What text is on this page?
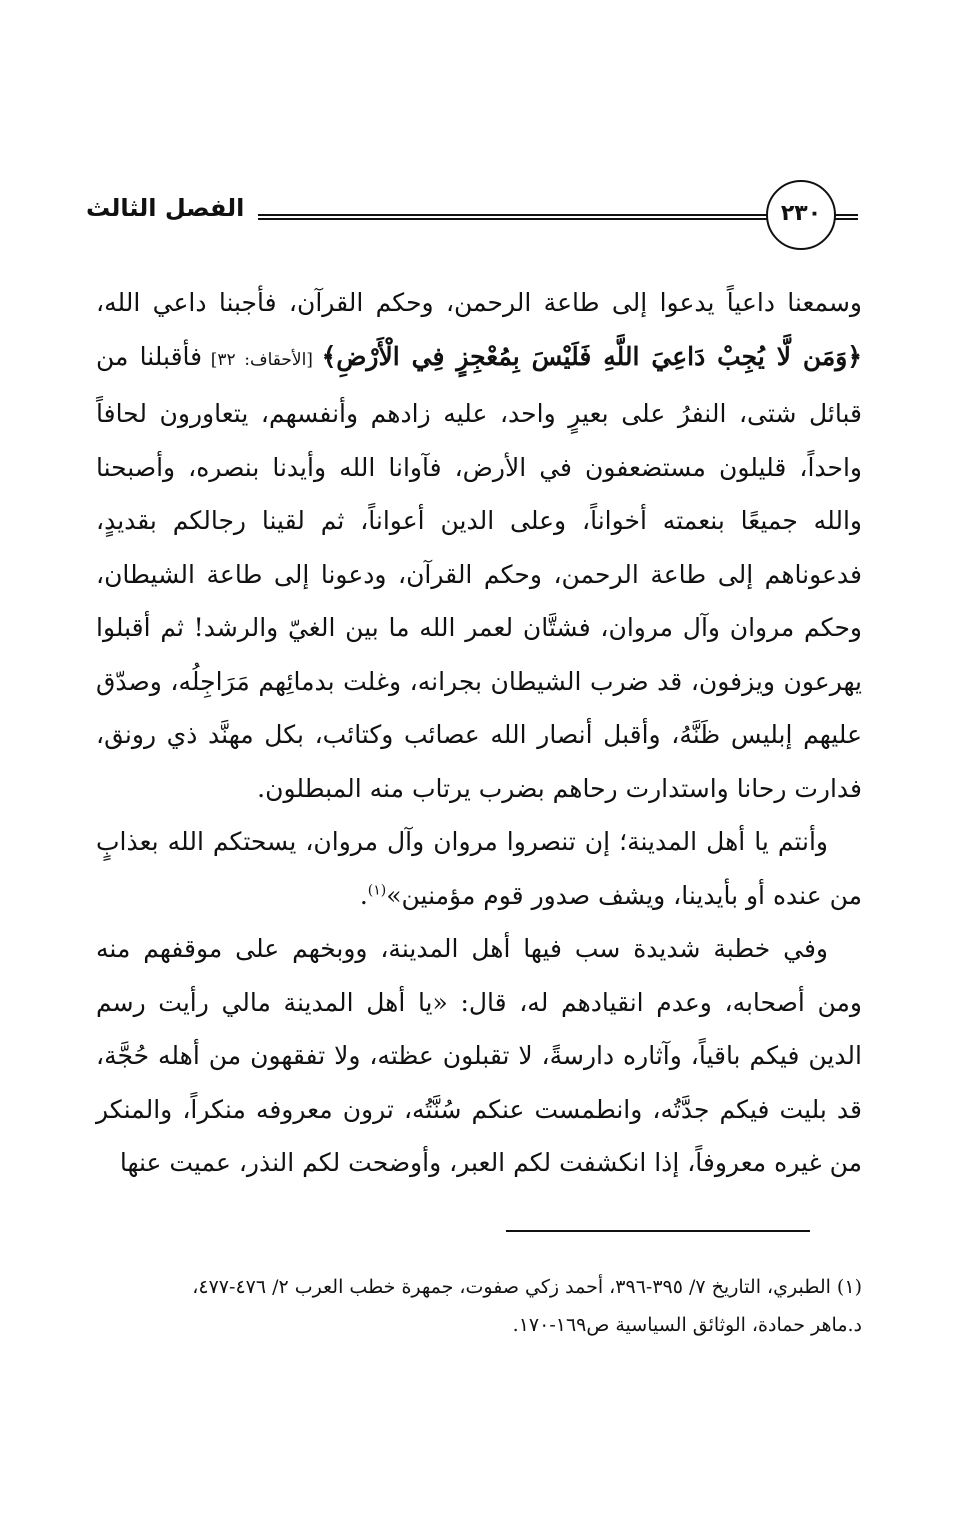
الفصل الثالث	٢٣٠

وسمعنا داعياً يدعوا إلى طاعة الرحمن، وحكم القرآن، فأجبنا داعي الله، ﴿وَمَن لَّا يُجِبْ دَاعِيَ اللَّهِ فَلَيْسَ بِمُعْجِزٍ فِي الْأَرْضِ﴾ [الأحقاف: ٣٢] فأقبلنا من قبائل شتى، النفرُ على بعيرٍ واحد، عليه زادهم وأنفسهم، يتعاورون لحافاً واحداً، قليلون مستضعفون في الأرض، فآوانا الله وأيدنا بنصره، وأصبحنا والله جميعًا بنعمته أخواناً، وعلى الدين أعواناً، ثم لقينا رجالكم بقديدٍ، فدعوناهم إلى طاعة الرحمن، وحكم القرآن، ودعونا إلى طاعة الشيطان، وحكم مروان وآل مروان، فشتَّان لعمر الله ما بين الغيّ والرشد! ثم أقبلوا يهرعون ويزفون، قد ضرب الشيطان بجرانه، وغلت بدمائِهم مَرَاجِلُه، وصدّق عليهم إبليس ظَنَّهُ، وأقبل أنصار الله عصائب وكتائب، بكل مهنَّد ذي رونق، فدارت رحانا واستدارت رحاهم بضرب يرتاب منه المبطلون.

وأنتم يا أهل المدينة؛ إن تنصروا مروان وآل مروان، يسحتكم الله بعذابٍ من عنده أو بأيدينا، ويشف صدور قوم مؤمنين»$^{(١)}$.

وفي خطبة شديدة سب فيها أهل المدينة، ووبخهم على موقفهم منه ومن أصحابه، وعدم انقيادهم له، قال: «يا أهل المدينة مالي رأيت رسم الدين فيكم باقياً، وآثاره دارسةً، لا تقبلون عظته، ولا تفقهون من أهله حُجَّة، قد بليت فيكم جدَّتُه، وانطمست عنكم سُنَّتُه، ترون معروفه منكراً، والمنكر من غيره معروفاً، إذا انكشفت لكم العبر، وأوضحت لكم النذر، عميت عنها

(١) الطبري، التاريخ ٧/ ٣٩٥-٣٩٦، أحمد زكي صفوت، جمهرة خطب العرب ٢/ ٤٧٦-٤٧٧،

د.ماهر حمادة، الوثائق السياسية ص١٦٩-١٧٠.
